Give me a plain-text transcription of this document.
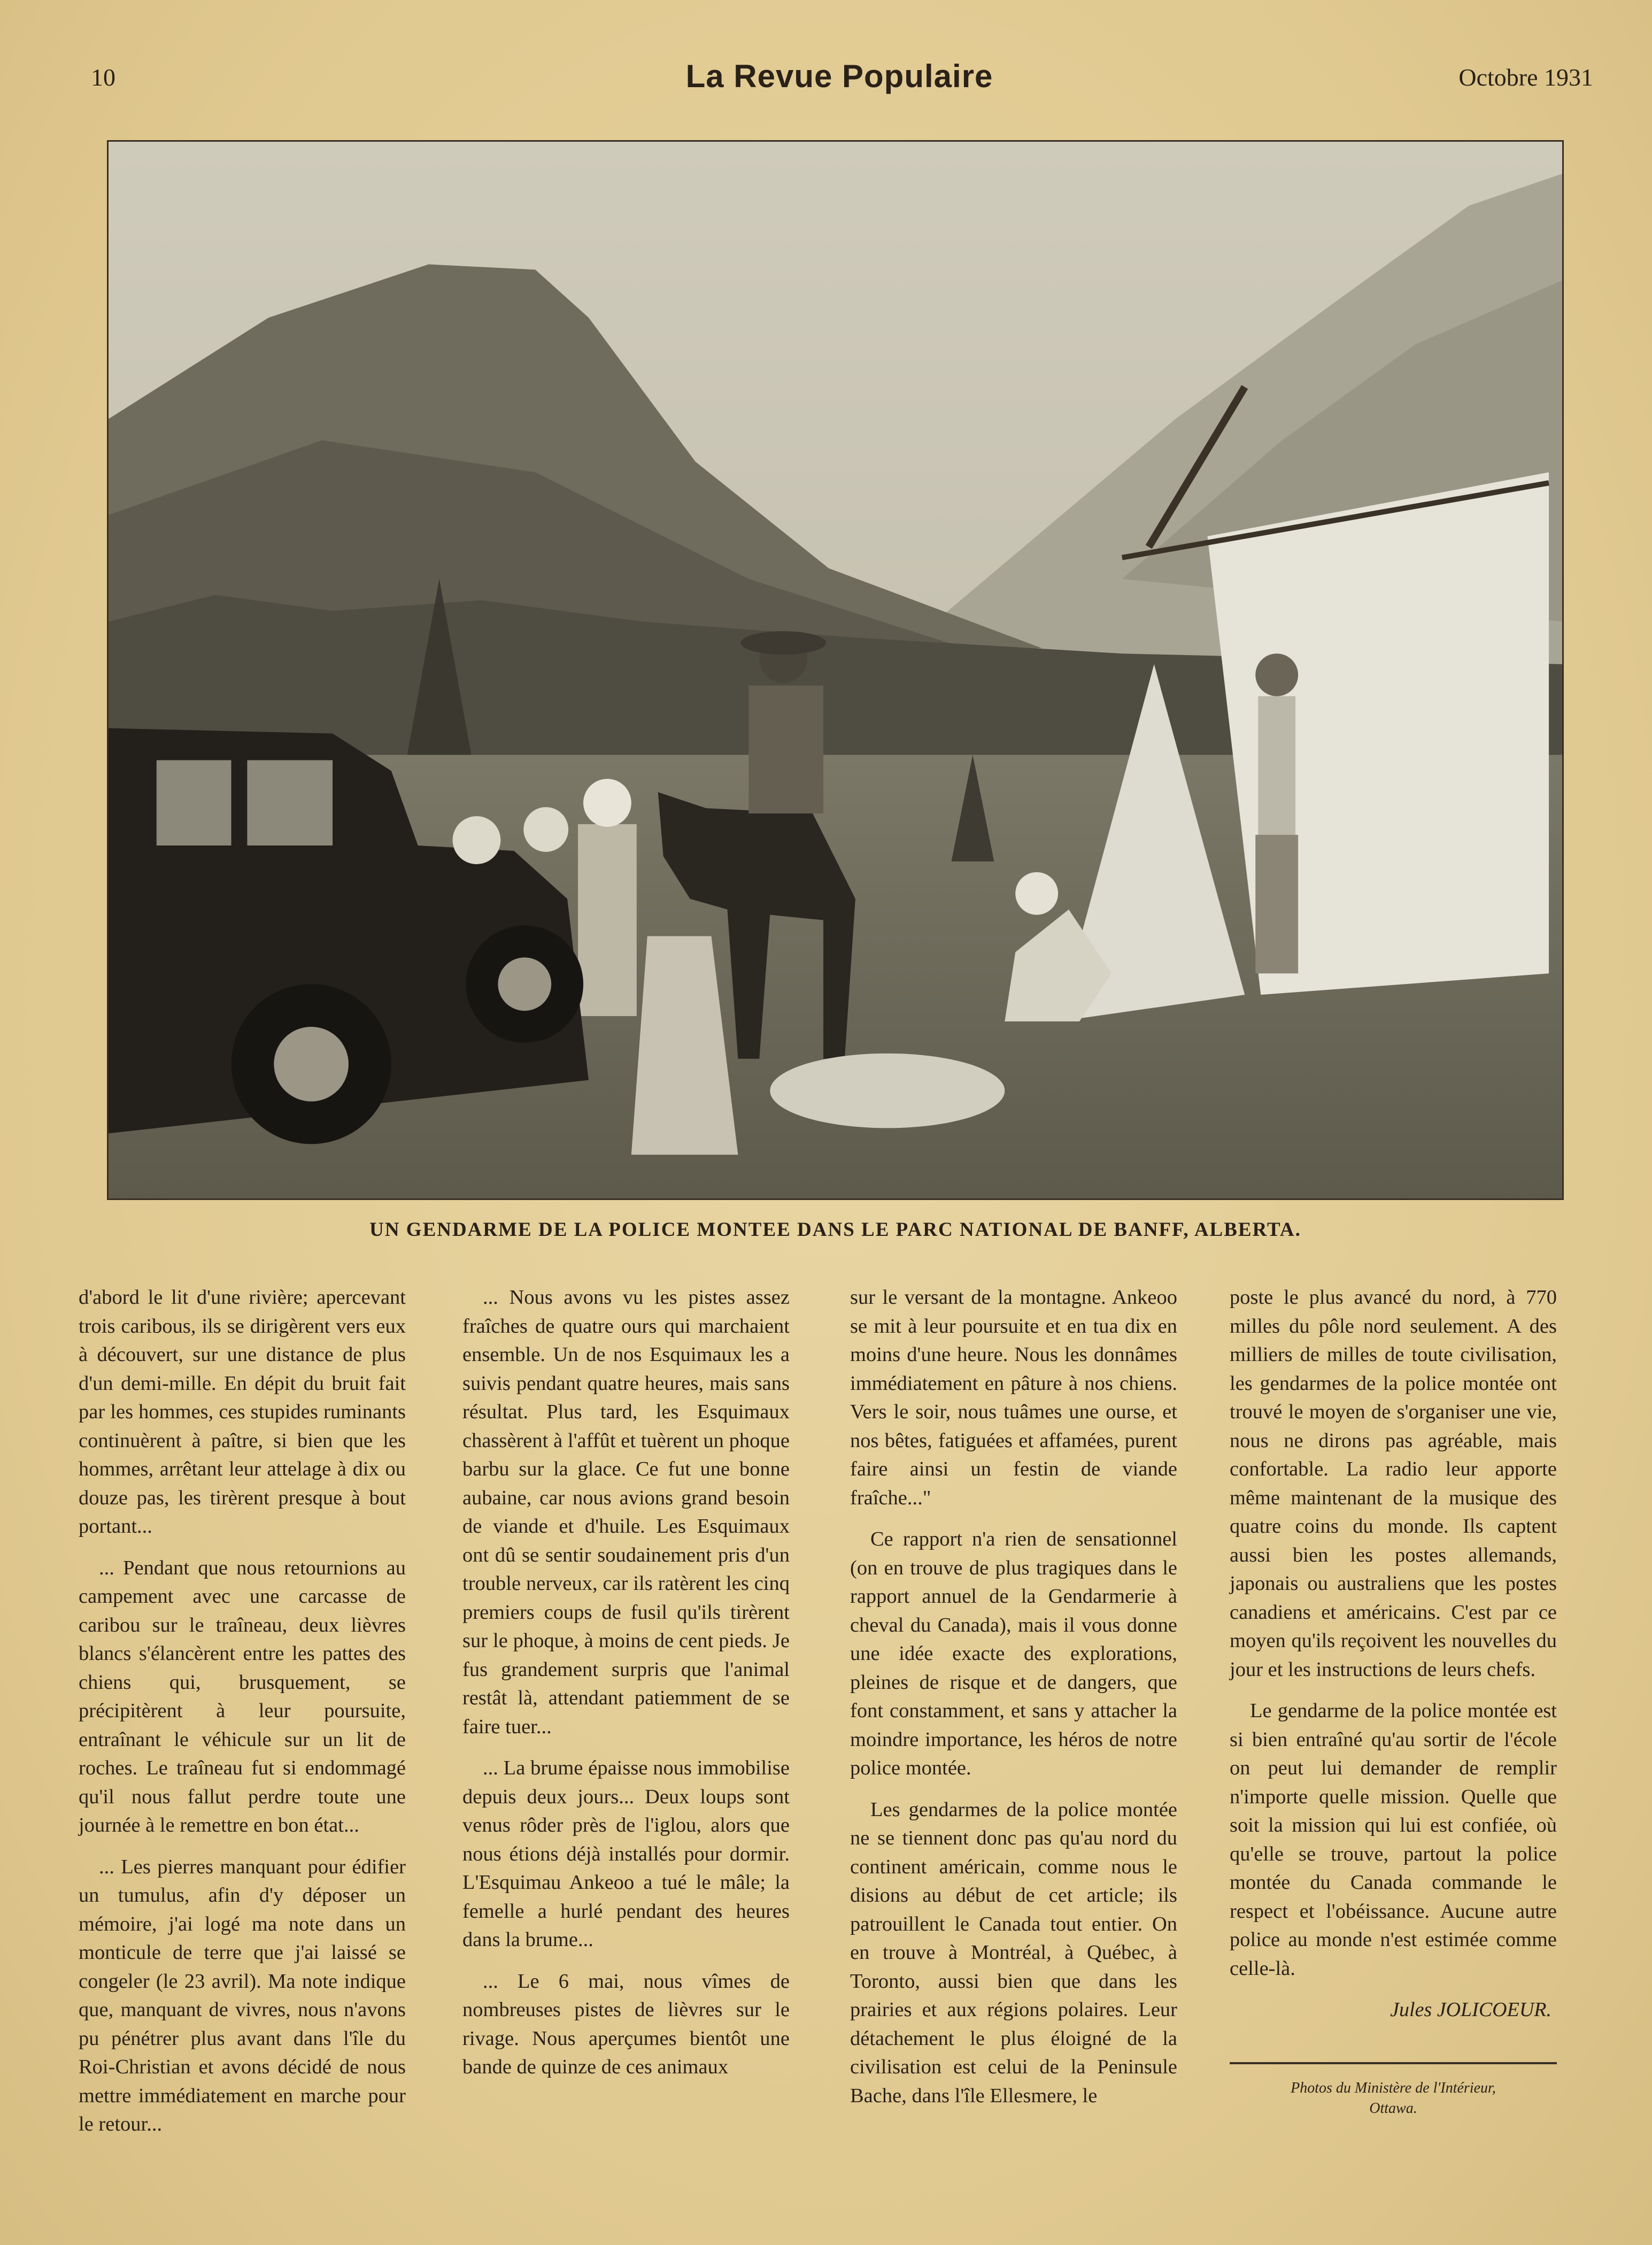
10	La Revue Populaire	Octobre 1931
UN GENDARME DE LA POLICE MONTEE DANS LE PARC NATIONAL DE BANFF, ALBERTA.

d'abord le lit d'une rivière; apercevant trois caribous, ils se dirigèrent vers eux à découvert, sur une distance de plus d'un demi-mille. En dépit du bruit fait par les hommes, ces stupides ruminants continuèrent à paître, si bien que les hommes, arrêtant leur attelage à dix ou douze pas, les tirèrent presque à bout portant...

... Pendant que nous retournions au campement avec une carcasse de caribou sur le traîneau, deux lièvres blancs s'élancèrent entre les pattes des chiens qui, brusquement, se précipitèrent à leur poursuite, entraînant le véhicule sur un lit de roches. Le traîneau fut si endommagé qu'il nous fallut perdre toute une journée à le remettre en bon état...

... Les pierres manquant pour édifier un tumulus, afin d'y déposer un mémoire, j'ai logé ma note dans un monticule de terre que j'ai laissé se congeler (le 23 avril). Ma note indique que, manquant de vivres, nous n'avons pu pénétrer plus avant dans l'île du Roi-Christian et avons décidé de nous mettre immédiatement en marche pour le retour...

... Nous avons vu les pistes assez fraîches de quatre ours qui marchaient ensemble. Un de nos Esquimaux les a suivis pendant quatre heures, mais sans résultat. Plus tard, les Esquimaux chassèrent à l'affût et tuèrent un phoque barbu sur la glace. Ce fut une bonne aubaine, car nous avions grand besoin de viande et d'huile. Les Esquimaux ont dû se sentir soudainement pris d'un trouble nerveux, car ils ratèrent les cinq premiers coups de fusil qu'ils tirèrent sur le phoque, à moins de cent pieds. Je fus grandement surpris que l'animal restât là, attendant patiemment de se faire tuer...

... La brume épaisse nous immobilise depuis deux jours... Deux loups sont venus rôder près de l'iglou, alors que nous étions déjà installés pour dormir. L'Esquimau Ankeoo a tué le mâle; la femelle a hurlé pendant des heures dans la brume...

... Le 6 mai, nous vîmes de nombreuses pistes de lièvres sur le rivage. Nous aperçumes bientôt une bande de quinze de ces animaux

sur le versant de la montagne. Ankeoo se mit à leur poursuite et en tua dix en moins d'une heure. Nous les donnâmes immédiatement en pâture à nos chiens. Vers le soir, nous tuâmes une ourse, et nos bêtes, fatiguées et affamées, purent faire ainsi un festin de viande fraîche..."

Ce rapport n'a rien de sensationnel (on en trouve de plus tragiques dans le rapport annuel de la Gendarmerie à cheval du Canada), mais il vous donne une idée exacte des explorations, pleines de risque et de dangers, que font constamment, et sans y attacher la moindre importance, les héros de notre police montée.

Les gendarmes de la police montée ne se tiennent donc pas qu'au nord du continent américain, comme nous le disions au début de cet article; ils patrouillent le Canada tout entier. On en trouve à Montréal, à Québec, à Toronto, aussi bien que dans les prairies et aux régions polaires. Leur détachement le plus éloigné de la civilisation est celui de la Peninsule Bache, dans l'île Ellesmere, le

poste le plus avancé du nord, à 770 milles du pôle nord seulement. A des milliers de milles de toute civilisation, les gendarmes de la police montée ont trouvé le moyen de s'organiser une vie, nous ne dirons pas agréable, mais confortable. La radio leur apporte même maintenant de la musique des quatre coins du monde. Ils captent aussi bien les postes allemands, japonais ou australiens que les postes canadiens et américains. C'est par ce moyen qu'ils reçoivent les nouvelles du jour et les instructions de leurs chefs.

Le gendarme de la police montée est si bien entraîné qu'au sortir de l'école on peut lui demander de remplir n'importe quelle mission. Quelle que soit la mission qui lui est confiée, où qu'elle se trouve, partout la police montée du Canada commande le respect et l'obéissance. Aucune autre police au monde n'est estimée comme celle-là.

Jules JOLICOEUR.
Photos du Ministère de l'Intérieur,
Ottawa.
